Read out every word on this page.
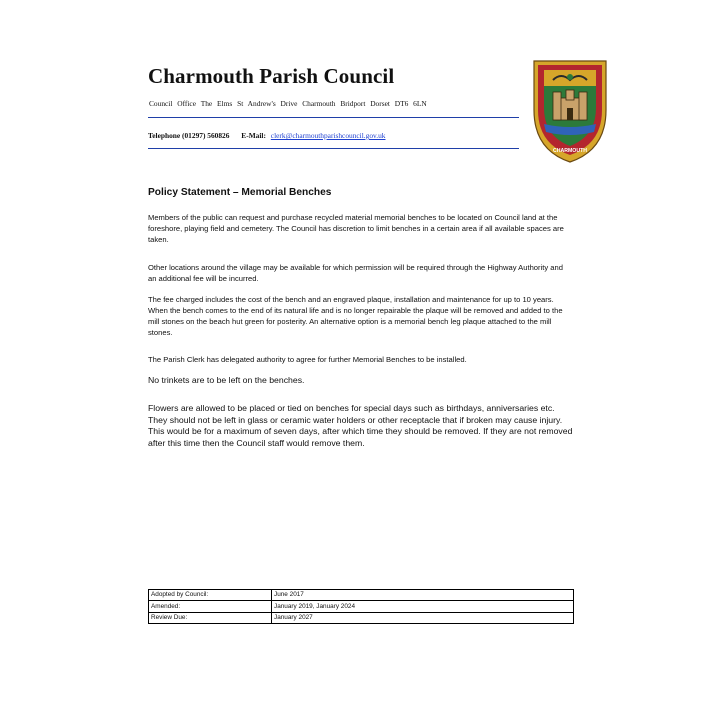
Charmouth Parish Council
Council Office The Elms St Andrew's Drive Charmouth Bridport Dorset DT6 6LN
Telephone (01297) 560826 E-Mail: clerk@charmouthparishcouncil.gov.uk
CHARMOUTH
Policy Statement – Memorial Benches

Members of the public can request and purchase recycled material memorial benches to be located on Council land at the foreshore, playing field and cemetery. The Council has discretion to limit benches in a certain area if all available spaces are taken.

Other locations around the village may be available for which permission will be required through the Highway Authority and an additional fee will be incurred.

The fee charged includes the cost of the bench and an engraved plaque, installation and maintenance for up to 10 years. When the bench comes to the end of its natural life and is no longer repairable the plaque will be removed and added to the mill stones on the beach hut green for posterity. An alternative option is a memorial bench leg plaque attached to the mill stones.

The Parish Clerk has delegated authority to agree for further Memorial Benches to be installed.

No trinkets are to be left on the benches.

Flowers are allowed to be placed or tied on benches for special days such as birthdays, anniversaries etc. They should not be left in glass or ceramic water holders or other receptacle that if broken may cause injury. This would be for a maximum of seven days, after which time they should be removed. If they are not removed after this time then the Council staff would remove them.

Adopted by Council:	June 2017
Amended:	January 2019, January 2024
Review Due:	January 2027
